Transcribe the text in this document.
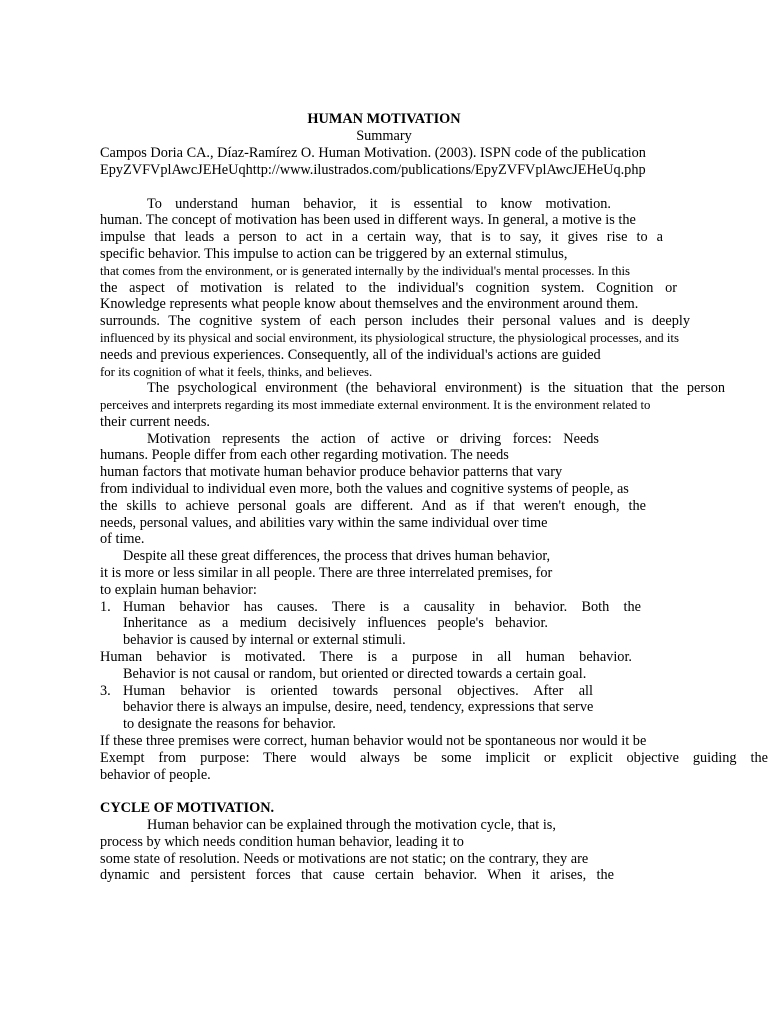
HUMAN MOTIVATION
Summary
Campos Doria CA., Díaz-Ramírez O. Human Motivation. (2003). ISPN code of the publication
EpyZVFVplAwcJEHeUqhttp://www.ilustrados.com/publications/EpyZVFVplAwcJEHeUq.php
To understand human behavior, it is essential to know motivation.
human. The concept of motivation has been used in different ways. In general, a motive is the
impulse that leads a person to act in a certain way, that is to say, it gives rise to a
specific behavior. This impulse to action can be triggered by an external stimulus,
that comes from the environment, or is generated internally by the individual's mental processes. In this
the aspect of motivation is related to the individual's cognition system. Cognition or
Knowledge represents what people know about themselves and the environment around them.
surrounds. The cognitive system of each person includes their personal values and is deeply
influenced by its physical and social environment, its physiological structure, the physiological processes, and its
needs and previous experiences. Consequently, all of the individual's actions are guided
for its cognition of what it feels, thinks, and believes.
The psychological environment (the behavioral environment) is the situation that the person
perceives and interprets regarding its most immediate external environment. It is the environment related to
their current needs.
Motivation represents the action of active or driving forces: Needs
humans. People differ from each other regarding motivation. The needs
human factors that motivate human behavior produce behavior patterns that vary
from individual to individual even more, both the values and cognitive systems of people, as
the skills to achieve personal goals are different. And as if that weren't enough, the
needs, personal values, and abilities vary within the same individual over time
of time.
Despite all these great differences, the process that drives human behavior,
it is more or less similar in all people. There are three interrelated premises, for
to explain human behavior:
1. Human behavior has causes. There is a causality in behavior. Both the
Inheritance as a medium decisively influences people's behavior.
behavior is caused by internal or external stimuli.
Human behavior is motivated. There is a purpose in all human behavior.
Behavior is not causal or random, but oriented or directed towards a certain goal.
3. Human behavior is oriented towards personal objectives. After all
behavior there is always an impulse, desire, need, tendency, expressions that serve
to designate the reasons for behavior.
If these three premises were correct, human behavior would not be spontaneous nor would it be
Exempt from purpose: There would always be some implicit or explicit objective guiding the
behavior of people.
CYCLE OF MOTIVATION.
Human behavior can be explained through the motivation cycle, that is,
process by which needs condition human behavior, leading it to
some state of resolution. Needs or motivations are not static; on the contrary, they are
dynamic and persistent forces that cause certain behavior. When it arises, the
